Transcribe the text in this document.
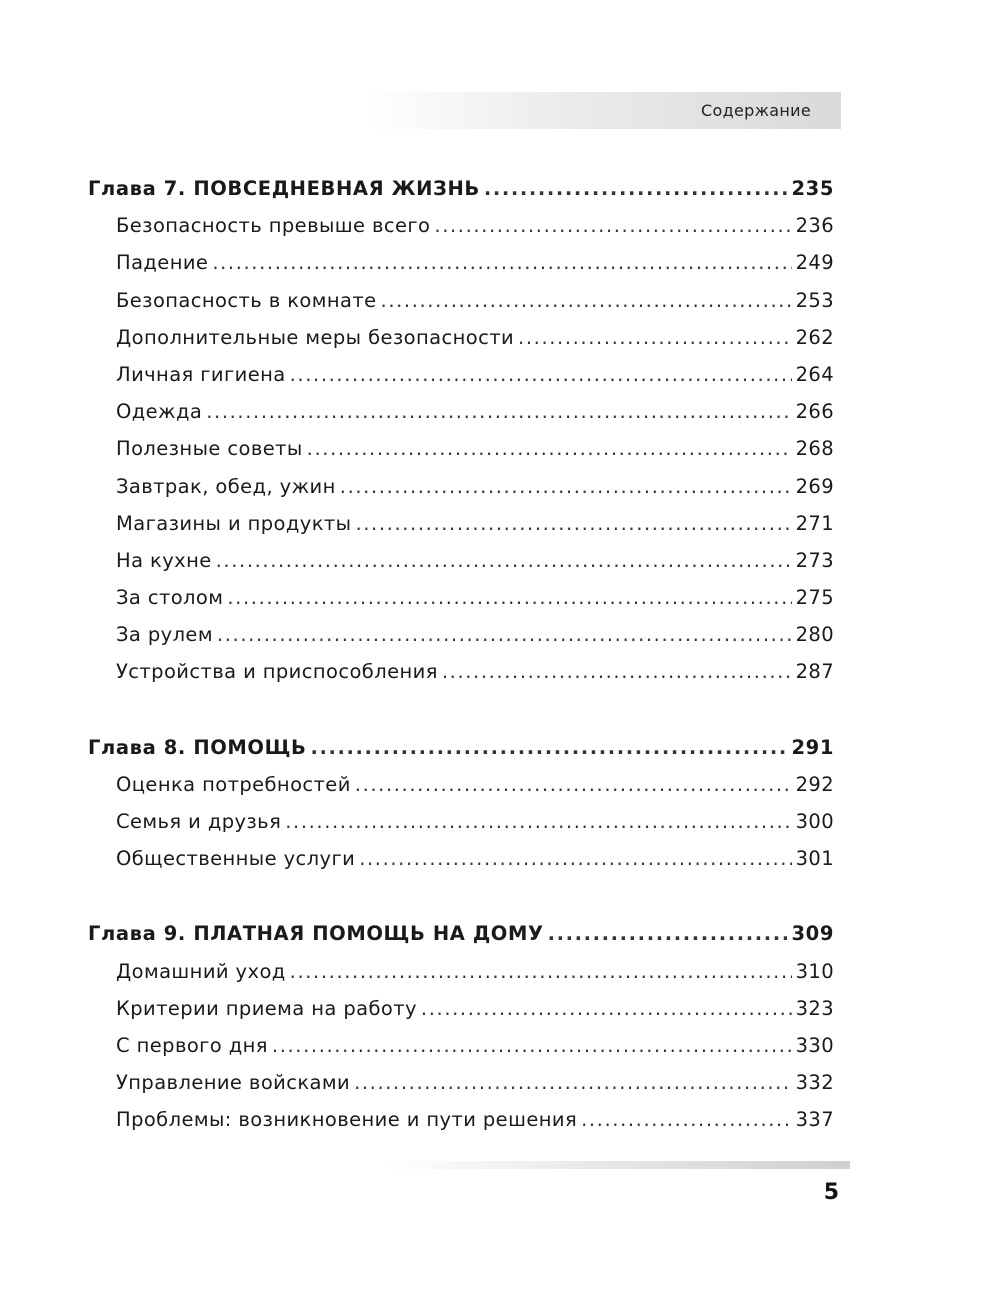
Содержание
Глава 7. ПОВСЕДНЕВНАЯ ЖИЗНЬ .....	235
Безопасность превыше всего .....	236
Падение .....	249
Безопасность в комнате .....	253
Дополнительные меры безопасности .....	262
Личная гигиена .....	264
Одежда .....	266
Полезные советы .....	268
Завтрак, обед, ужин .....	269
Магазины и продукты .....	271
На кухне .....	273
За столом .....	275
За рулем .....	280
Устройства и приспособления .....	287
Глава 8. ПОМОЩЬ .....	291
Оценка потребностей .....	292
Семья и друзья .....	300
Общественные услуги .....	301
Глава 9. ПЛАТНАЯ ПОМОЩЬ НА ДОМУ .....	309
Домашний уход .....	310
Критерии приема на работу .....	323
С первого дня .....	330
Управление войсками .....	332
Проблемы: возникновение и пути решения .....	337
5
